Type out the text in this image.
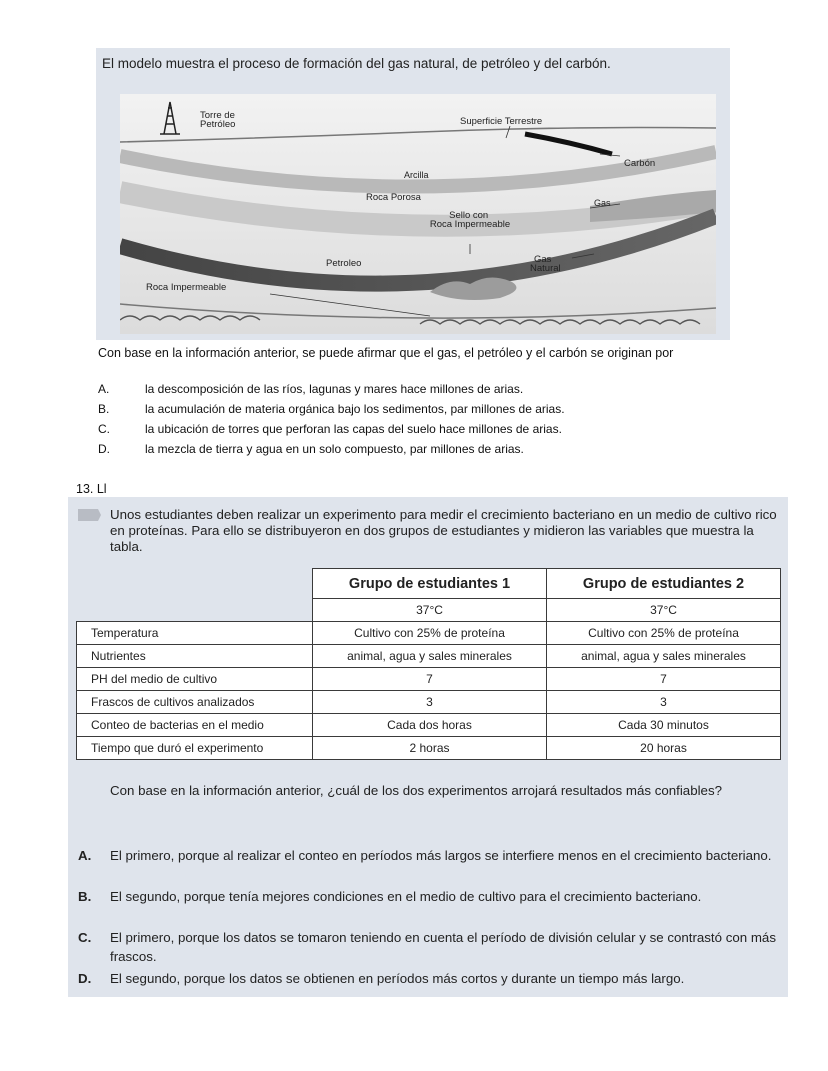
El modelo muestra el proceso de formación del gas natural, de petróleo y del carbón.
Torre de Petróleo	Superficie Terrestre
Carbón
Arcilla
Roca Porosa	Gas
Sello con Roca Impermeable
Petroleo	Gas Natural
Roca Impermeable
Con base en la información anterior, se puede afirmar que el gas, el petróleo y el carbón se originan por
A.	la descomposición de las ríos, lagunas y mares hace millones de arias.
B.	la acumulación de materia orgánica bajo los sedimentos, par millones de arias.
C.	la ubicación de torres que perforan las capas del suelo hace millones de arias.
D.	la mezcla de tierra y agua en un solo compuesto, par millones de arias.
13. Ll
Unos estudiantes deben realizar un experimento para medir el crecimiento bacteriano en un medio de cultivo rico en proteínas. Para ello se distribuyeron en dos grupos de estudiantes y midieron las variables que muestra la tabla.
	Grupo de estudiantes 1	Grupo de estudiantes 2
	37°C	37°C
Temperatura	Cultivo con 25% de proteína	Cultivo con 25% de proteína
Nutrientes	animal, agua y sales minerales	animal, agua y sales minerales
PH del medio de cultivo	7	7
Frascos de cultivos analizados	3	3
Conteo de bacterias en el medio	Cada dos horas	Cada 30 minutos
Tiempo que duró el experimento	2 horas	20 horas
Con base en la información anterior, ¿cuál de los dos experimentos arrojará resultados más confiables?
A. El primero, porque al realizar el conteo en períodos más largos se interfiere menos en el crecimiento bacteriano.
B. El segundo, porque tenía mejores condiciones en el medio de cultivo para el crecimiento bacteriano.
C. El primero, porque los datos se tomaron teniendo en cuenta el período de división celular y se contrastó con más frascos.
D. El segundo, porque los datos se obtienen en períodos más cortos y durante un tiempo más largo.
